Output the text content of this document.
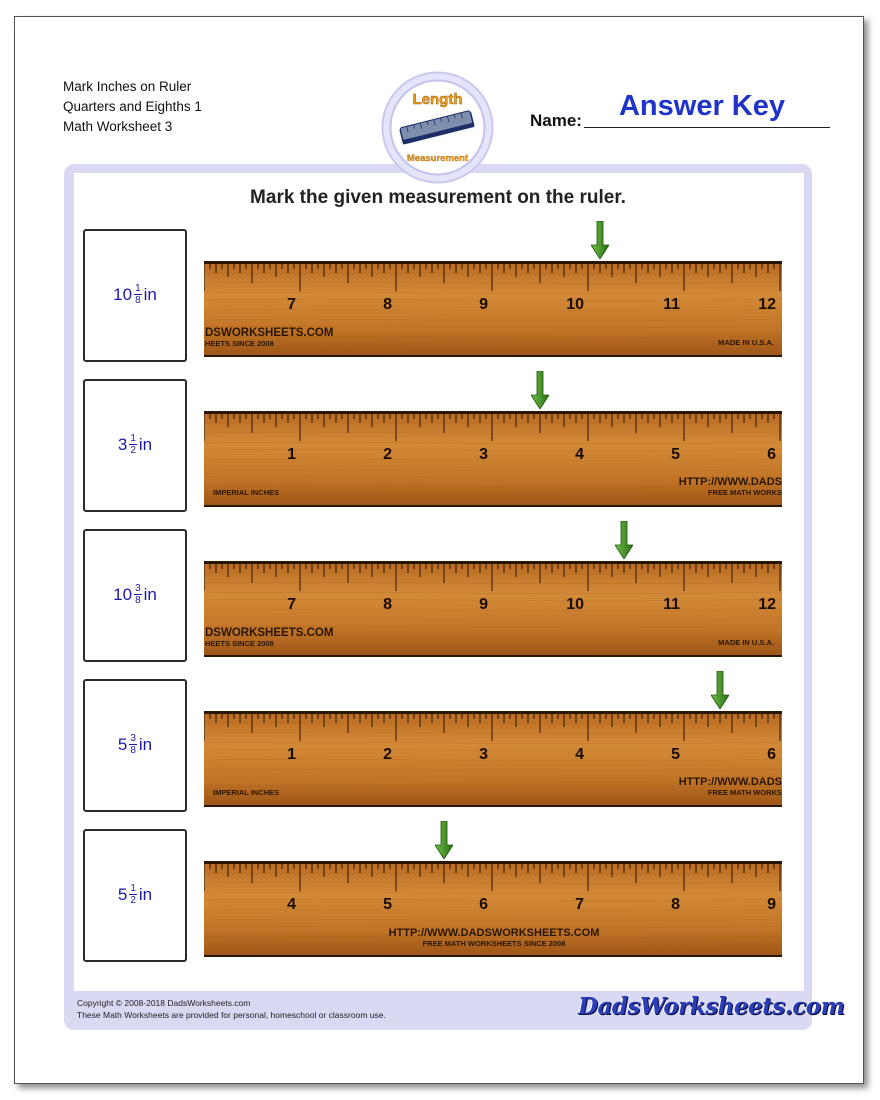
Mark Inches on Ruler
Quarters and Eighths 1
Math Worksheet 3
Length
Measurement
Name:	Answer Key
Mark the given measurement on the ruler.
$10 \frac{1}{8}$ in
7	8	9	10	11	12
DSWORKSHEETS.COM
HEETS SINCE 2008	MADE IN U.S.A.
$3 \frac{1}{2}$ in
1	2	3	4	5	6
IMPERIAL INCHES
HTTP://WWW.DADS
FREE MATH WORKS
$10 \frac{3}{8}$ in
7	8	9	10	11	12
DSWORKSHEETS.COM
HEETS SINCE 2008	MADE IN U.S.A.
$5 \frac{3}{8}$ in
1	2	3	4	5	6
IMPERIAL INCHES
HTTP://WWW.DADS
FREE MATH WORKS
$5 \frac{1}{2}$ in
4	5	6	7	8	9
HTTP://WWW.DADSWORKSHEETS.COM
FREE MATH WORKSHEETS SINCE 2008
Copyright © 2008-2018 DadsWorksheets.com
These Math Worksheets are provided for personal, homeschool or classroom use.	DadsWorksheets.com
